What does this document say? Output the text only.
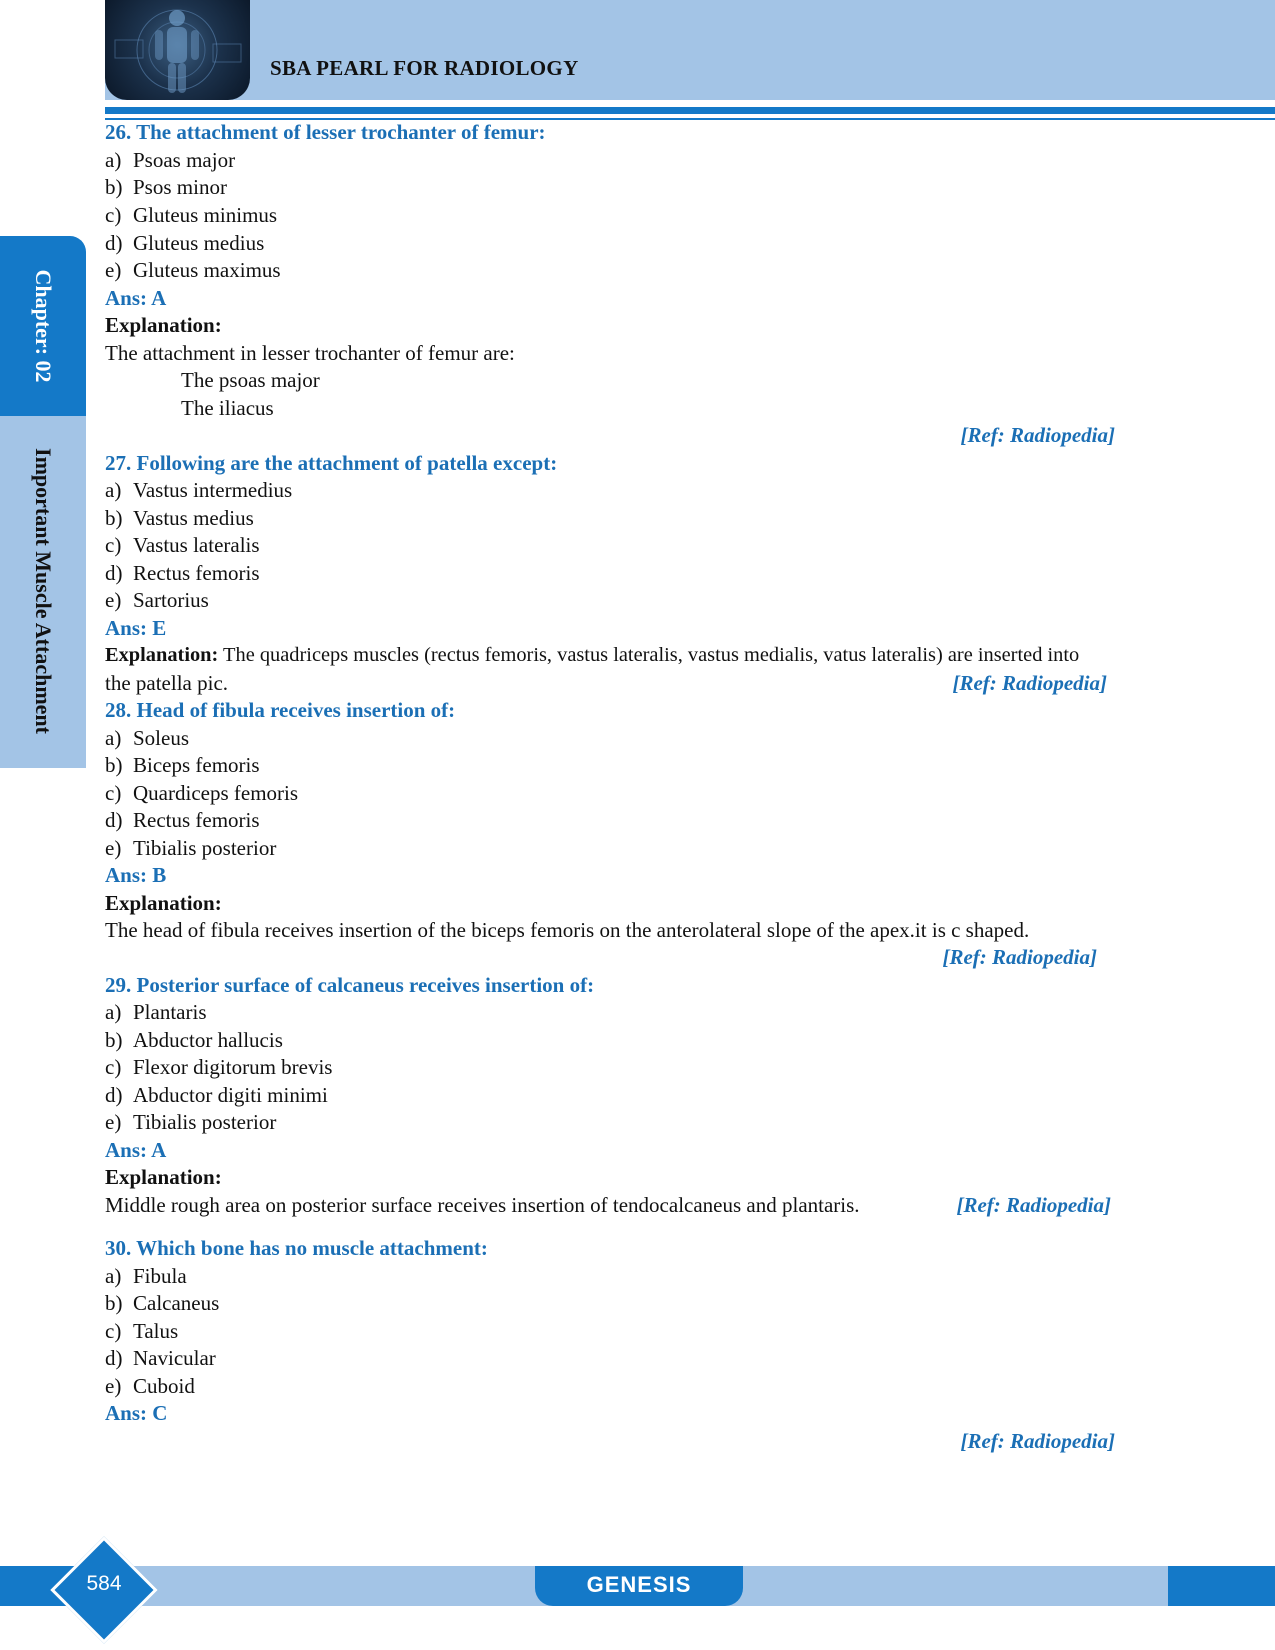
SBA PEARL FOR RADIOLOGY
Chapter: 02
Important Muscle Attachment
26. The attachment of lesser trochanter of femur:
a) Psoas major
b) Psos minor
c) Gluteus minimus
d) Gluteus medius
e) Gluteus maximus
Ans: A
Explanation:
The attachment in lesser trochanter of femur are:
The psoas major
The iliacus
[Ref: Radiopedia]
27. Following are the attachment of patella except:
a) Vastus intermedius
b) Vastus medius
c) Vastus lateralis
d) Rectus femoris
e) Sartorius
Ans: E
Explanation: The quadriceps muscles (rectus femoris, vastus lateralis, vastus medialis, vatus lateralis) are inserted into
the patella pic.	[Ref: Radiopedia]
28. Head of fibula receives insertion of:
a) Soleus
b) Biceps femoris
c) Quardiceps femoris
d) Rectus femoris
e) Tibialis posterior
Ans: B
Explanation:
The head of fibula receives insertion of the biceps femoris on the anterolateral slope of the apex.it is c shaped.
[Ref: Radiopedia]
29. Posterior surface of calcaneus receives insertion of:
a) Plantaris
b) Abductor hallucis
c) Flexor digitorum brevis
d) Abductor digiti minimi
e) Tibialis posterior
Ans: A
Explanation:
Middle rough area on posterior surface receives insertion of tendocalcaneus and plantaris.	[Ref: Radiopedia]
30. Which bone has no muscle attachment:
a) Fibula
b) Calcaneus
c) Talus
d) Navicular
e) Cuboid
Ans: C
[Ref: Radiopedia]
584	GENESIS
